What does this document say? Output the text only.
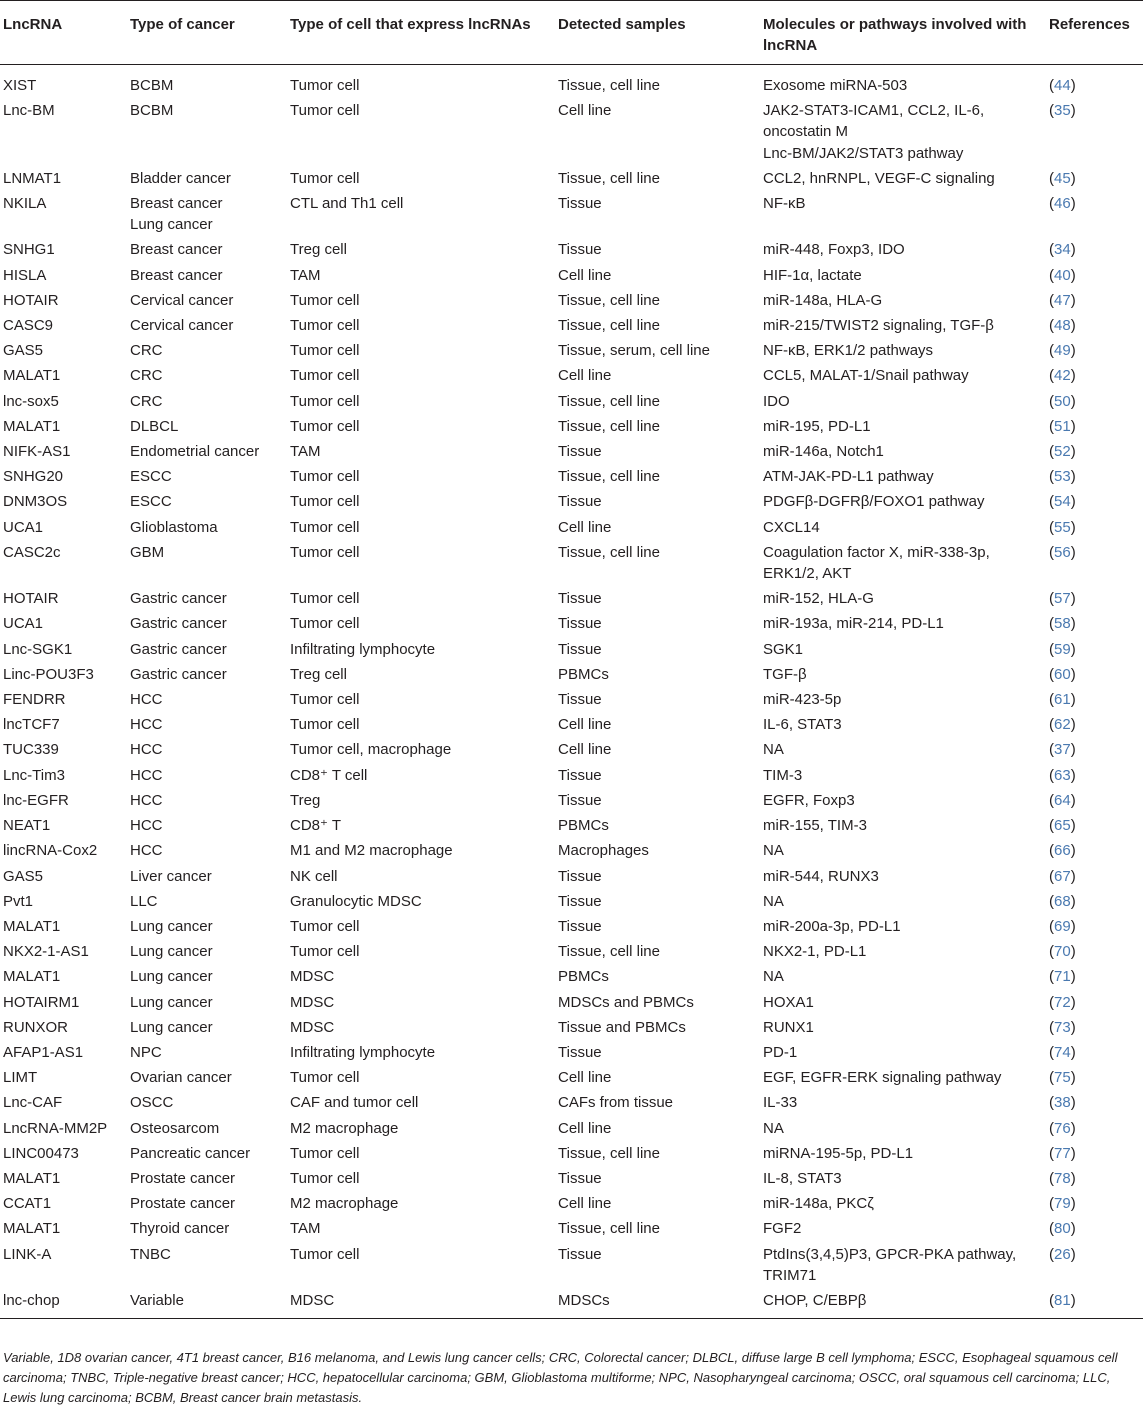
LncRNA	Type of cancer	Type of cell that express lncRNAs	Detected samples	Molecules or pathways involved with lncRNA	References
XIST	BCBM	Tumor cell	Tissue, cell line	Exosome miRNA-503	(44)
Lnc-BM	BCBM	Tumor cell	Cell line	JAK2-STAT3-ICAM1, CCL2, IL-6,
oncostatin M
Lnc-BM/JAK2/STAT3 pathway	(35)
LNMAT1	Bladder cancer	Tumor cell	Tissue, cell line	CCL2, hnRNPL, VEGF-C signaling	(45)
NKILA	Breast cancer
Lung cancer	CTL and Th1 cell	Tissue	NF-κB	(46)
SNHG1	Breast cancer	Treg cell	Tissue	miR-448, Foxp3, IDO	(34)
HISLA	Breast cancer	TAM	Cell line	HIF-1α, lactate	(40)
HOTAIR	Cervical cancer	Tumor cell	Tissue, cell line	miR-148a, HLA-G	(47)
CASC9	Cervical cancer	Tumor cell	Tissue, cell line	miR-215/TWIST2 signaling, TGF-β	(48)
GAS5	CRC	Tumor cell	Tissue, serum, cell line	NF-κB, ERK1/2 pathways	(49)
MALAT1	CRC	Tumor cell	Cell line	CCL5, MALAT-1/Snail pathway	(42)
lnc-sox5	CRC	Tumor cell	Tissue, cell line	IDO	(50)
MALAT1	DLBCL	Tumor cell	Tissue, cell line	miR-195, PD-L1	(51)
NIFK-AS1	Endometrial cancer	TAM	Tissue	miR-146a, Notch1	(52)
SNHG20	ESCC	Tumor cell	Tissue, cell line	ATM-JAK-PD-L1 pathway	(53)
DNM3OS	ESCC	Tumor cell	Tissue	PDGFβ-DGFRβ/FOXO1 pathway	(54)
UCA1	Glioblastoma	Tumor cell	Cell line	CXCL14	(55)
CASC2c	GBM	Tumor cell	Tissue, cell line	Coagulation factor X, miR-338-3p,
ERK1/2, AKT	(56)
HOTAIR	Gastric cancer	Tumor cell	Tissue	miR-152, HLA-G	(57)
UCA1	Gastric cancer	Tumor cell	Tissue	miR-193a, miR-214, PD-L1	(58)
Lnc-SGK1	Gastric cancer	Infiltrating lymphocyte	Tissue	SGK1	(59)
Linc-POU3F3	Gastric cancer	Treg cell	PBMCs	TGF-β	(60)
FENDRR	HCC	Tumor cell	Tissue	miR-423-5p	(61)
lncTCF7	HCC	Tumor cell	Cell line	IL-6, STAT3	(62)
TUC339	HCC	Tumor cell, macrophage	Cell line	NA	(37)
Lnc-Tim3	HCC	CD8⁺ T cell	Tissue	TIM-3	(63)
lnc-EGFR	HCC	Treg	Tissue	EGFR, Foxp3	(64)
NEAT1	HCC	CD8⁺ T	PBMCs	miR-155, TIM-3	(65)
lincRNA-Cox2	HCC	M1 and M2 macrophage	Macrophages	NA	(66)
GAS5	Liver cancer	NK cell	Tissue	miR-544, RUNX3	(67)
Pvt1	LLC	Granulocytic MDSC	Tissue	NA	(68)
MALAT1	Lung cancer	Tumor cell	Tissue	miR-200a-3p, PD-L1	(69)
NKX2-1-AS1	Lung cancer	Tumor cell	Tissue, cell line	NKX2-1, PD-L1	(70)
MALAT1	Lung cancer	MDSC	PBMCs	NA	(71)
HOTAIRM1	Lung cancer	MDSC	MDSCs and PBMCs	HOXA1	(72)
RUNXOR	Lung cancer	MDSC	Tissue and PBMCs	RUNX1	(73)
AFAP1-AS1	NPC	Infiltrating lymphocyte	Tissue	PD-1	(74)
LIMT	Ovarian cancer	Tumor cell	Cell line	EGF, EGFR-ERK signaling pathway	(75)
Lnc-CAF	OSCC	CAF and tumor cell	CAFs from tissue	IL-33	(38)
LncRNA-MM2P	Osteosarcom	M2 macrophage	Cell line	NA	(76)
LINC00473	Pancreatic cancer	Tumor cell	Tissue, cell line	miRNA-195-5p, PD-L1	(77)
MALAT1	Prostate cancer	Tumor cell	Tissue	IL-8, STAT3	(78)
CCAT1	Prostate cancer	M2 macrophage	Cell line	miR-148a, PKCζ	(79)
MALAT1	Thyroid cancer	TAM	Tissue, cell line	FGF2	(80)
LINK-A	TNBC	Tumor cell	Tissue	PtdIns(3,4,5)P3, GPCR-PKA pathway,
TRIM71	(26)
lnc-chop	Variable	MDSC	MDSCs	CHOP, C/EBPβ	(81)
Variable, 1D8 ovarian cancer, 4T1 breast cancer, B16 melanoma, and Lewis lung cancer cells; CRC, Colorectal cancer; DLBCL, diffuse large B cell lymphoma; ESCC, Esophageal squamous cell carcinoma; TNBC, Triple-negative breast cancer; HCC, hepatocellular carcinoma; GBM, Glioblastoma multiforme; NPC, Nasopharyngeal carcinoma; OSCC, oral squamous cell carcinoma; LLC, Lewis lung carcinoma; BCBM, Breast cancer brain metastasis.
